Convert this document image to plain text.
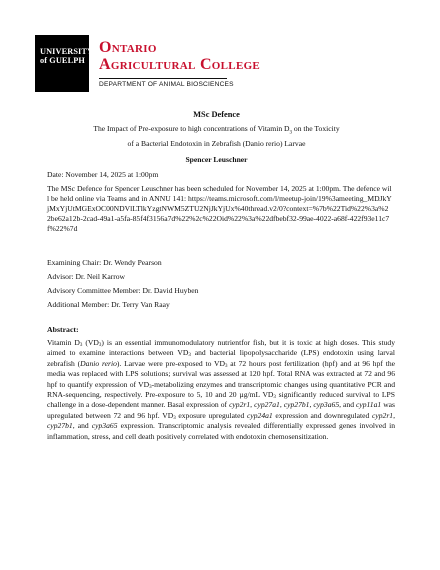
UNIVERSITY
of GUELPH
Ontario
Agricultural College
DEPARTMENT OF ANIMAL BIOSCIENCES
MSc Defence
The Impact of Pre-exposure to high concentrations of Vitamin $D_3$ on the Toxicity
of a Bacterial Endotoxin in Zebrafish (Danio rerio) Larvae
Spencer Leuschner
Date: November 14, 2025 at 1:00pm
The MSc Defence for Spencer Leuschner has been scheduled for November 14, 2025 at 1:00pm. The defence will be held online via Teams and in ANNU 141: https://teams.microsoft.com/l/meetup-join/19%3ameeting_MDJkYjMxYjUtMGExOC00NDVlLTlkYzgtNWM5ZTU2NjJkYjUx%40thread.v2/0?context=%7b%22Tid%22%3a%22be62a12b-2cad-49a1-a5fa-85f4f3156a7d%22%2c%22Oid%22%3a%22dfbebf32-99ae-4022-a68f-422f93e11c7f%22%7d
Examining Chair: Dr. Wendy Pearson
Advisor: Dr. Neil Karrow
Advisory Committee Member: Dr. David Huyben
Additional Member: Dr. Terry Van Raay
Abstract:
Vitamin $D_3$ $(VD_3)$ is an essential immunomodulatory nutrientfor fish, but it is toxic at high doses. This study aimed to examine interactions between $VD_3$ and bacterial lipopolysaccharide (LPS) endotoxin using larval zebrafish (Danio rerio). Larvae were pre-exposed to $VD_3$ at 72 hours post fertilization (hpf) and at 96 hpf the media was replaced with LPS solutions; survival was assessed at 120 hpf. Total RNA was extracted at 72 and 96 hpf to quantify expression of $VD_3$-metabolizing enzymes and transcriptomic changes using quantitative PCR and RNA-sequencing, respectively. Pre-exposure to 5, 10 and 20 µg/mL $VD_3$ significantly reduced survival to LPS challenge in a dose-dependent manner. Basal expression of cyp2r1, cyp27a1, cyp27b1, cyp3a65, and cyp11a1 was upregulated between 72 and 96 hpf. $VD_3$ exposure upregulated cyp24a1 expression and downregulated cyp2r1, cyp27b1, and cyp3a65 expression. Transcriptomic analysis revealed differentially expressed genes involved in inflammation, stress, and cell death positively correlated with endotoxin chemosensitization.
